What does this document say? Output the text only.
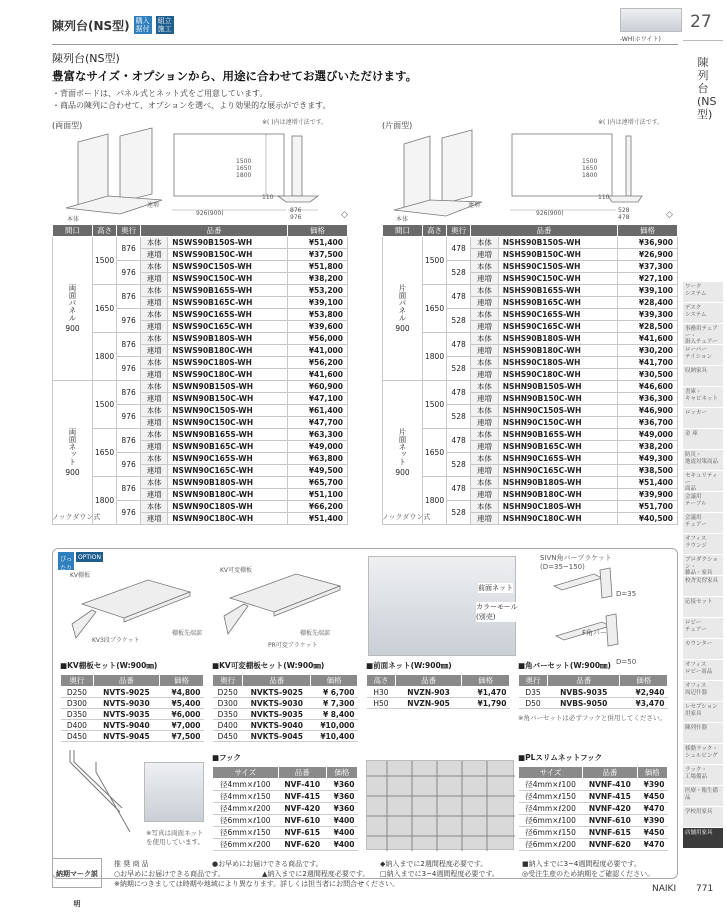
陳列台(NS型) 購入据付
組立施工
-WH(ホワイト)
27
陳列台(NS型)
陳列台(NS型)
豊富なサイズ・オプションから、用途に合わせてお選びいただけます。
・背面ボードは、パネル式とネット式をご用意しています。
・商品の陳列に合わせて、オプションを選べ、より効果的な展示ができます。
(両面型)	※( )内は連増寸法です。
本体
連増
1500
1650
1800
926(900)	876
976
110
◇
(片面型)	※( )内は連増寸法です。
本体
連増
1500
1650
1800
926(900)	528
478
110
◇
間口	高さ	奥行	品番		価格
両面パネル
900	1500	876	本体	NSWS90B150S-WH	¥51,400
			連増	NSWS90B150C-WH	¥37,500
		976	本体	NSWS90C150S-WH	¥51,800
			連増	NSWS90C150C-WH	¥38,200
	1650	876	本体	NSWS90B165S-WH	¥53,200
			連増	NSWS90B165C-WH	¥39,100
		976	本体	NSWS90C165S-WH	¥53,800
			連増	NSWS90C165C-WH	¥39,600
	1800	876	本体	NSWS90B180S-WH	¥56,000
			連増	NSWS90B180C-WH	¥41,000
		976	本体	NSWS90C180S-WH	¥56,200
			連増	NSWS90C180C-WH	¥41,600
両面ネット
900	1500	876	本体	NSWN90B150S-WH	¥60,900
			連増	NSWN90B150C-WH	¥47,100
		976	本体	NSWN90C150S-WH	¥61,400
			連増	NSWN90C150C-WH	¥47,700
	1650	876	本体	NSWN90B165S-WH	¥63,300
			連増	NSWN90B165C-WH	¥49,000
		976	本体	NSWN90C165S-WH	¥63,800
			連増	NSWN90C165C-WH	¥49,500
	1800	876	本体	NSWN90B180S-WH	¥65,700
			連増	NSWN90B180C-WH	¥51,100
		976	本体	NSWN90C180S-WH	¥66,200
			連増	NSWN90C180C-WH	¥51,400
ノックダウン式
間口	高さ	奥行	品番		価格
片面パネル
900	1500	478	本体	NSHS90B150S-WH	¥36,900
			連増	NSHS90B150C-WH	¥26,900
		528	本体	NSHS90C150S-WH	¥37,300
			連増	NSHS90C150C-WH	¥27,100
	1650	478	本体	NSHS90B165S-WH	¥39,100
			連増	NSHS90B165C-WH	¥28,400
		528	本体	NSHS90C165S-WH	¥39,300
			連増	NSHS90C165C-WH	¥28,500
	1800	478	本体	NSHS90B180S-WH	¥41,600
			連増	NSHS90B180C-WH	¥30,200
		528	本体	NSHS90C180S-WH	¥41,700
			連増	NSHS90C180C-WH	¥30,500
片面ネット
900	1500	478	本体	NSHN90B150S-WH	¥46,600
			連増	NSHN90B150C-WH	¥36,300
		528	本体	NSHN90C150S-WH	¥46,900
			連増	NSHN90C150C-WH	¥36,700
	1650	478	本体	NSHN90B165S-WH	¥49,000
			連増	NSHN90B165C-WH	¥38,200
		528	本体	NSHN90C165S-WH	¥49,300
			連増	NSHN90C165C-WH	¥38,500
	1800	478	本体	NSHN90B180S-WH	¥51,400
			連増	NSHN90B180C-WH	¥39,900
		528	本体	NSHN90C180S-WH	¥51,700
			連増	NSHN90C180C-WH	¥40,500
ノックダウン式
ワーク
システム
デスク
システム
事務用チェアー・
掛入チェアー
ローパー
テイション
収納家具
書庫・
キャビネット
ロッカー
金 庫
防災・
地震対策商品
セキュリティー
商品
会議用
テーブル
会議用
チェアー
オフィス
ラウンジ
プロダクション・
雑品・家具
校舎実習家具
応接セット
ロビー
チェアー
カウンター
オフィス
ロビー商品
オフィス
周辺什器
レセプション
用家具
陳列什器
移動ラック・
シェルビング
ラック・
工場備品
医療・衛生備品
学校用家具
店舗用家具
ぴったり
OPTION
KV棚板
KV3段ブラケット
棚板先端部
KV可変棚板
PR可変ブラケット
棚板先端部
前面ネット
カラーモール
(別売)
SIVN角バーブラケット
(D=35~150)
D=35
F角バー
D=50
■KV棚板セット(W:900㎜)
奥行	品番	価格
D250	NVTS-9025	¥4,800
D300	NVTS-9030	¥5,400
D350	NVTS-9035	¥6,000
D400	NVTS-9040	¥7,000
D450	NVTS-9045	¥7,500
■KV可変棚板セット(W:900㎜)
奥行	品番	価格
D250	NVKTS-9025	¥ 6,700
D300	NVKTS-9030	¥ 7,300
D350	NVKTS-9035	¥ 8,400
D400	NVKTS-9040	¥10,000
D450	NVKTS-9045	¥10,400
■前面ネット(W:900㎜)
高さ	品番	価格
H30	NVZN-903	¥1,470
H50	NVZN-905	¥1,790
■角バーセット(W:900㎜)
奥行	品番	価格
D35	NVBS-9035	¥2,940
D50	NVBS-9050	¥3,470
※角バーセットは必ずフックと併用してください。
※写真は両面ネット
を使用しています。
■フック
サイズ	品番	価格
径4mm×ℓ100	NVF-410	¥360
径4mm×ℓ150	NVF-415	¥360
径4mm×ℓ200	NVF-420	¥360
径6mm×ℓ100	NVF-610	¥400
径6mm×ℓ150	NVF-615	¥400
径6mm×ℓ200	NVF-620	¥400
■PLスリムネットフック
サイズ	品番	価格
径4mm×ℓ100	NVNF-410	¥390
径4mm×ℓ150	NVNF-415	¥450
径4mm×ℓ200	NVNF-420	¥470
径6mm×ℓ100	NVNF-610	¥390
径6mm×ℓ150	NVNF-615	¥450
径6mm×ℓ200	NVNF-620	¥470
納期マーク説明
推 奨 商 品	●お早めにお届けできる商品です。	◆納入までに2週間程度必要です。	■納入までに3~4週間程度必要です。
○お早めにお届けできる商品です。	▲納入までに2週間程度必要です。 □納入までに3~4週間程度必要です。	◎受注生産のため納期をご確認ください。
※納期につきましては時期や地域により異なります。詳しくは担当者にお問合せください。	NAIKI 771
